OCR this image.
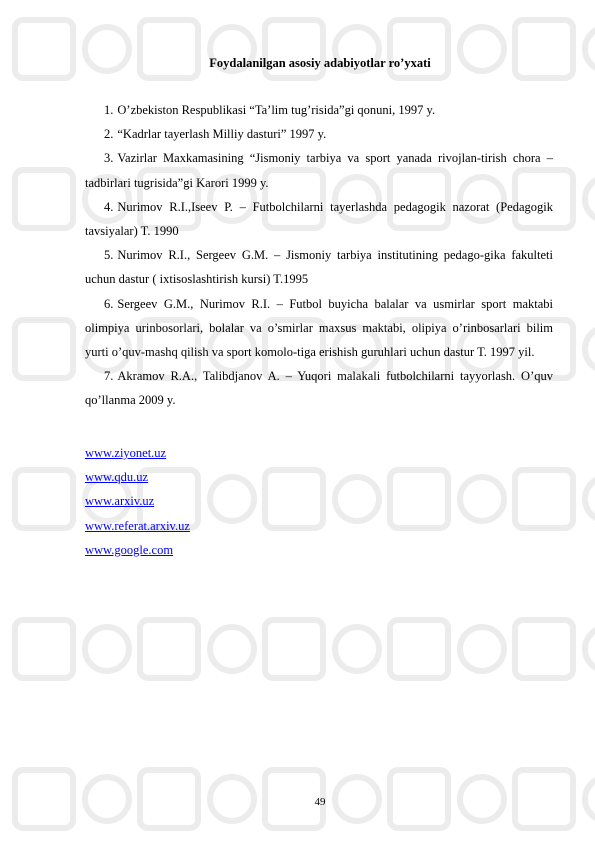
Foydalanilgan asosiy adabiyotlar ro’yxati

1. O’zbekiston Respublikasi “Ta’lim tug’risida”gi qonuni, 1997 y.

2. “Kadrlar tayerlash Milliy dasturi” 1997 y.

3. Vazirlar Maxkamasining “Jismoniy tarbiya va sport yanada rivojlan-tirish chora – tadbirlari tugrisida”gi Karori 1999 y.

4. Nurimov R.I.,Iseev P. – Futbolchilarni tayerlashda pedagogik nazorat (Pedagogik tavsiyalar) T. 1990

5. Nurimov R.I., Sergeev G.M. – Jismoniy tarbiya institutining pedago-gika fakulteti uchun dastur ( ixtisoslashtirish kursi) T.1995

6. Sergeev G.M., Nurimov R.I. – Futbol buyicha balalar va usmirlar sport maktabi olimpiya urinbosorlari, bolalar va o’smirlar maxsus maktabi, olipiya o’rinbosarlari bilim yurti o’quv-mashq qilish va sport komolo-tiga erishish guruhlari uchun dastur T. 1997 yil.

7. Akramov R.A., Talibdjanov A. – Yuqori malakali futbolchilarni tayyorlash. O’quv qo’llanma 2009 y.

www.ziyonet.uz
www.qdu.uz
www.arxiv.uz
www.referat.arxiv.uz
www.google.com
49
